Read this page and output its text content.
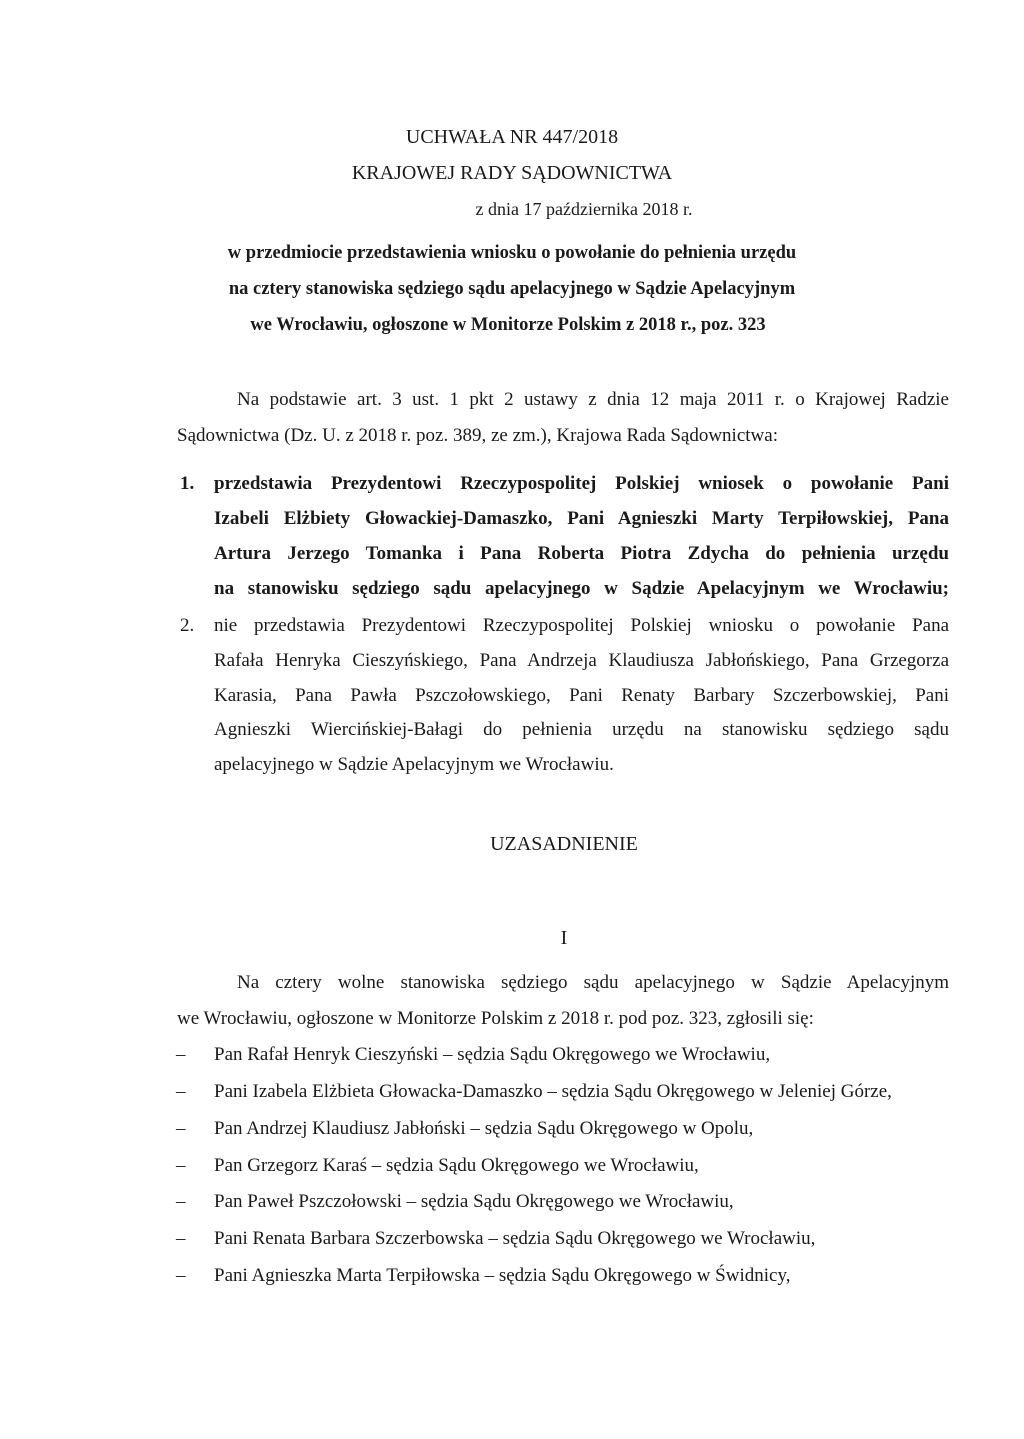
UCHWAŁA NR 447/2018
KRAJOWEJ RADY SĄDOWNICTWA
z dnia 17 października 2018 r.
w przedmiocie przedstawienia wniosku o powołanie do pełnienia urzędu
na cztery stanowiska sędziego sądu apelacyjnego w Sądzie Apelacyjnym
we Wrocławiu, ogłoszone w Monitorze Polskim z 2018 r., poz. 323
Na podstawie art. 3 ust. 1 pkt 2 ustawy z dnia 12 maja 2011 r. o Krajowej Radzie
Sądownictwa (Dz. U. z 2018 r. poz. 389, ze zm.), Krajowa Rada Sądownictwa:
1. przedstawia Prezydentowi Rzeczypospolitej Polskiej wniosek o powołanie Pani
Izabeli Elżbiety Głowackiej-Damaszko, Pani Agnieszki Marty Terpiłowskiej, Pana
Artura Jerzego Tomanka i Pana Roberta Piotra Zdycha do pełnienia urzędu
na stanowisku sędziego sądu apelacyjnego w Sądzie Apelacyjnym we Wrocławiu;
2. nie przedstawia Prezydentowi Rzeczypospolitej Polskiej wniosku o powołanie Pana
Rafała Henryka Cieszyńskiego, Pana Andrzeja Klaudiusza Jabłońskiego, Pana Grzegorza
Karasia, Pana Pawła Pszczołowskiego, Pani Renaty Barbary Szczerbowskiej, Pani
Agnieszki Wiercińskiej-Bałagi do pełnienia urzędu na stanowisku sędziego sądu
apelacyjnego w Sądzie Apelacyjnym we Wrocławiu.
UZASADNIENIE
I
Na cztery wolne stanowiska sędziego sądu apelacyjnego w Sądzie Apelacyjnym
we Wrocławiu, ogłoszone w Monitorze Polskim z 2018 r. pod poz. 323, zgłosili się:
– Pan Rafał Henryk Cieszyński – sędzia Sądu Okręgowego we Wrocławiu,
– Pani Izabela Elżbieta Głowacka-Damaszko – sędzia Sądu Okręgowego w Jeleniej Górze,
– Pan Andrzej Klaudiusz Jabłoński – sędzia Sądu Okręgowego w Opolu,
– Pan Grzegorz Karaś – sędzia Sądu Okręgowego we Wrocławiu,
– Pan Paweł Pszczołowski – sędzia Sądu Okręgowego we Wrocławiu,
– Pani Renata Barbara Szczerbowska – sędzia Sądu Okręgowego we Wrocławiu,
– Pani Agnieszka Marta Terpiłowska – sędzia Sądu Okręgowego w Świdnicy,
